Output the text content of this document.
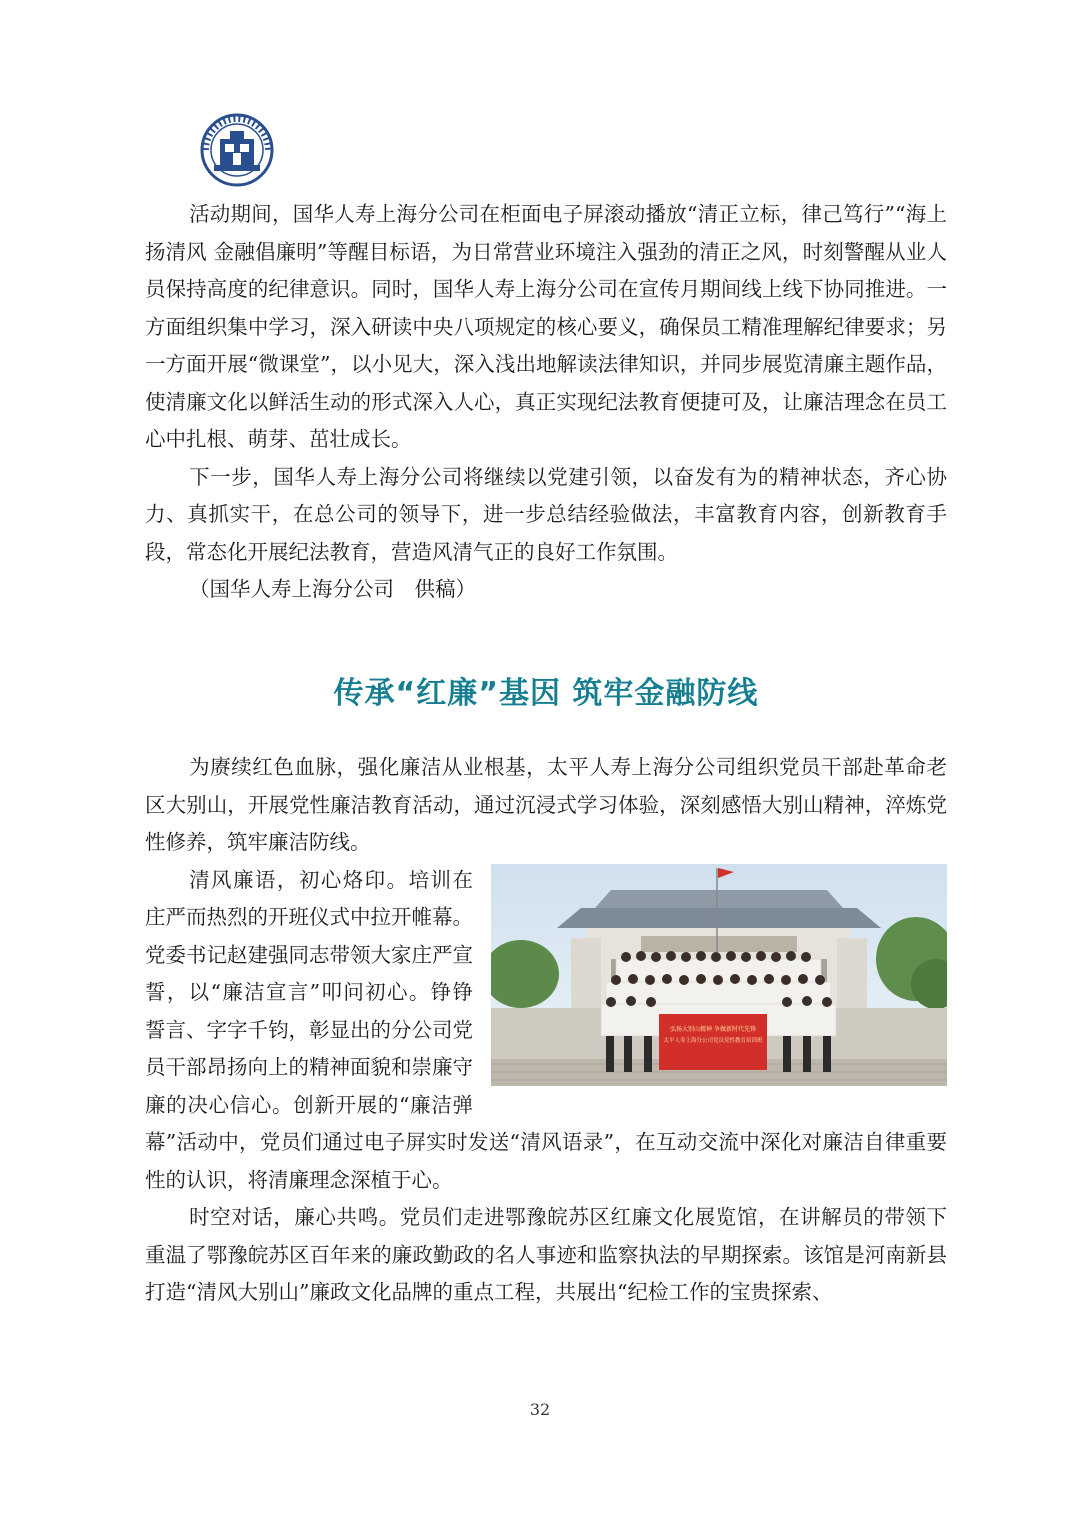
活动期间，国华人寿上海分公司在柜面电子屏滚动播放“清正立标，律己笃行”“海上扬清风 金融倡廉明”等醒目标语，为日常营业环境注入强劲的清正之风，时刻警醒从业人员保持高度的纪律意识。同时，国华人寿上海分公司在宣传月期间线上线下协同推进。一方面组织集中学习，深入研读中央八项规定的核心要义，确保员工精准理解纪律要求；另一方面开展“微课堂”，以小见大，深入浅出地解读法律知识，并同步展览清廉主题作品，使清廉文化以鲜活生动的形式深入人心，真正实现纪法教育便捷可及，让廉洁理念在员工心中扎根、萌芽、茁壮成长。

下一步，国华人寿上海分公司将继续以党建引领，以奋发有为的精神状态，齐心协力、真抓实干，在总公司的领导下，进一步总结经验做法，丰富教育内容，创新教育手段，常态化开展纪法教育，营造风清气正的良好工作氛围。

（国华人寿上海分公司　供稿）

传承“红廉”基因 筑牢金融防线

为赓续红色血脉，强化廉洁从业根基，太平人寿上海分公司组织党员干部赴革命老区大别山，开展党性廉洁教育活动，通过沉浸式学习体验，深刻感悟大别山精神，淬炼党性修养，筑牢廉洁防线。

弘扬大别山精神 争做新时代先锋
太平人寿上海分公司党员党性教育培训班

清风廉语，初心烙印。培训在庄严而热烈的开班仪式中拉开帷幕。党委书记赵建强同志带领大家庄严宣誓，以“廉洁宣言”叩问初心。铮铮誓言、字字千钧，彰显出的分公司党员干部昂扬向上的精神面貌和崇廉守廉的决心信心。创新开展的“廉洁弹幕”活动中，党员们通过电子屏实时发送“清风语录”，在互动交流中深化对廉洁自律重要性的认识，将清廉理念深植于心。

时空对话，廉心共鸣。党员们走进鄂豫皖苏区红廉文化展览馆，在讲解员的带领下重温了鄂豫皖苏区百年来的廉政勤政的名人事迹和监察执法的早期探索。该馆是河南新县打造“清风大别山”廉政文化品牌的重点工程，共展出“纪检工作的宝贵探索、

32
